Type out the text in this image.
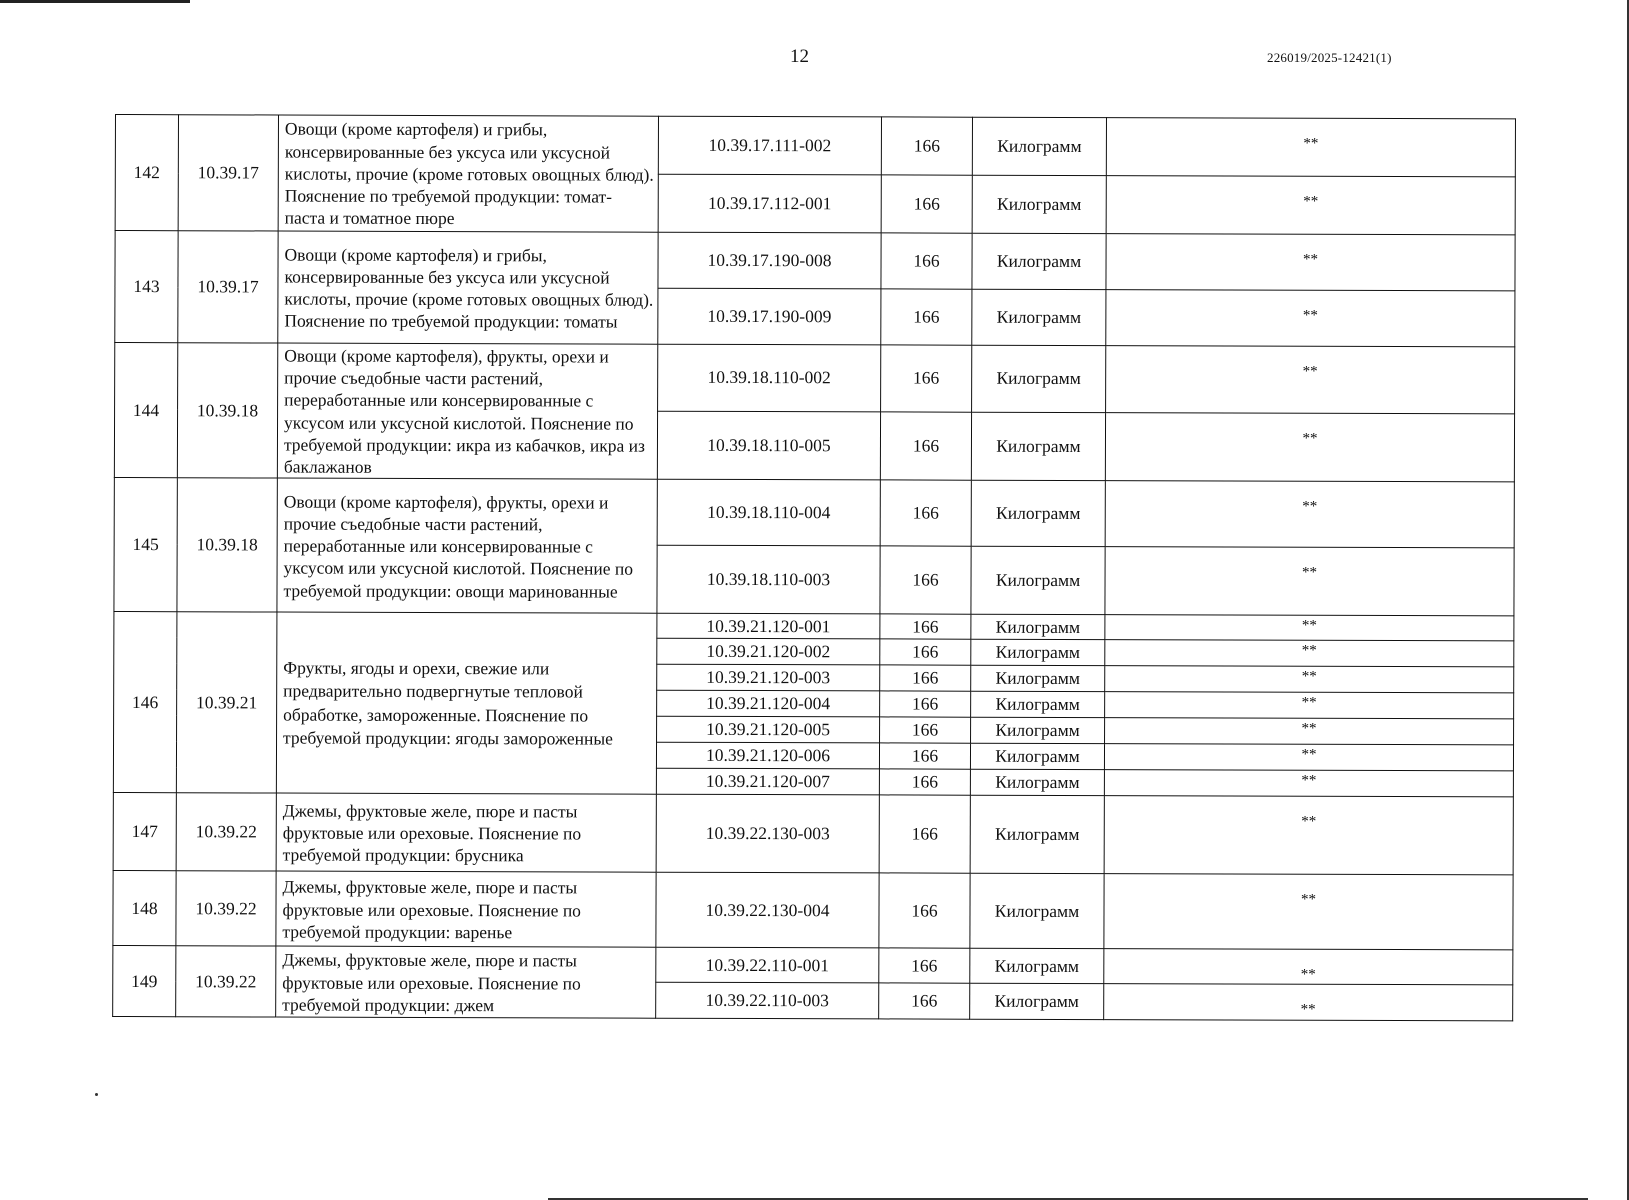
12	226019/2025-12421(1)
142	10.39.17	Овощи (кроме картофеля) и грибы, консервированные без уксуса или уксусной кислоты, прочие (кроме готовых овощных блюд). Пояснение по требуемой продукции: томат- паста и томатное пюре	10.39.17.111-002	166	Килограмм	**
			10.39.17.112-001	166	Килограмм	**
143	10.39.17	Овощи (кроме картофеля) и грибы, консервированные без уксуса или уксусной кислоты, прочие (кроме готовых овощных блюд). Пояснение по требуемой продукции: томаты	10.39.17.190-008	166	Килограмм	**
			10.39.17.190-009	166	Килограмм	**
144	10.39.18	Овощи (кроме картофеля), фрукты, орехи и прочие съедобные части растений, переработанные или консервированные с уксусом или уксусной кислотой. Пояснение по требуемой продукции: икра из кабачков, икра из баклажанов	10.39.18.110-002	166	Килограмм	**
			10.39.18.110-005	166	Килограмм	**
145	10.39.18	Овощи (кроме картофеля), фрукты, орехи и прочие съедобные части растений, переработанные или консервированные с уксусом или уксусной кислотой. Пояснение по требуемой продукции: овощи маринованные	10.39.18.110-004	166	Килограмм	**
			10.39.18.110-003	166	Килограмм	**
146	10.39.21	Фрукты, ягоды и орехи, свежие или предварительно подвергнутые тепловой обработке, замороженные. Пояснение по требуемой продукции: ягоды замороженные	10.39.21.120-001	166	Килограмм	**
			10.39.21.120-002	166	Килограмм	**
			10.39.21.120-003	166	Килограмм	**
			10.39.21.120-004	166	Килограмм	**
			10.39.21.120-005	166	Килограмм	**
			10.39.21.120-006	166	Килограмм	**
			10.39.21.120-007	166	Килограмм	**
147	10.39.22	Джемы, фруктовые желе, пюре и пасты фруктовые или ореховые. Пояснение по требуемой продукции: брусника	10.39.22.130-003	166	Килограмм	**
148	10.39.22	Джемы, фруктовые желе, пюре и пасты фруктовые или ореховые. Пояснение по требуемой продукции: варенье	10.39.22.130-004	166	Килограмм	**
149	10.39.22	Джемы, фруктовые желе, пюре и пасты фруктовые или ореховые. Пояснение по требуемой продукции: джем	10.39.22.110-001	166	Килограмм	**
			10.39.22.110-003	166	Килограмм	**
